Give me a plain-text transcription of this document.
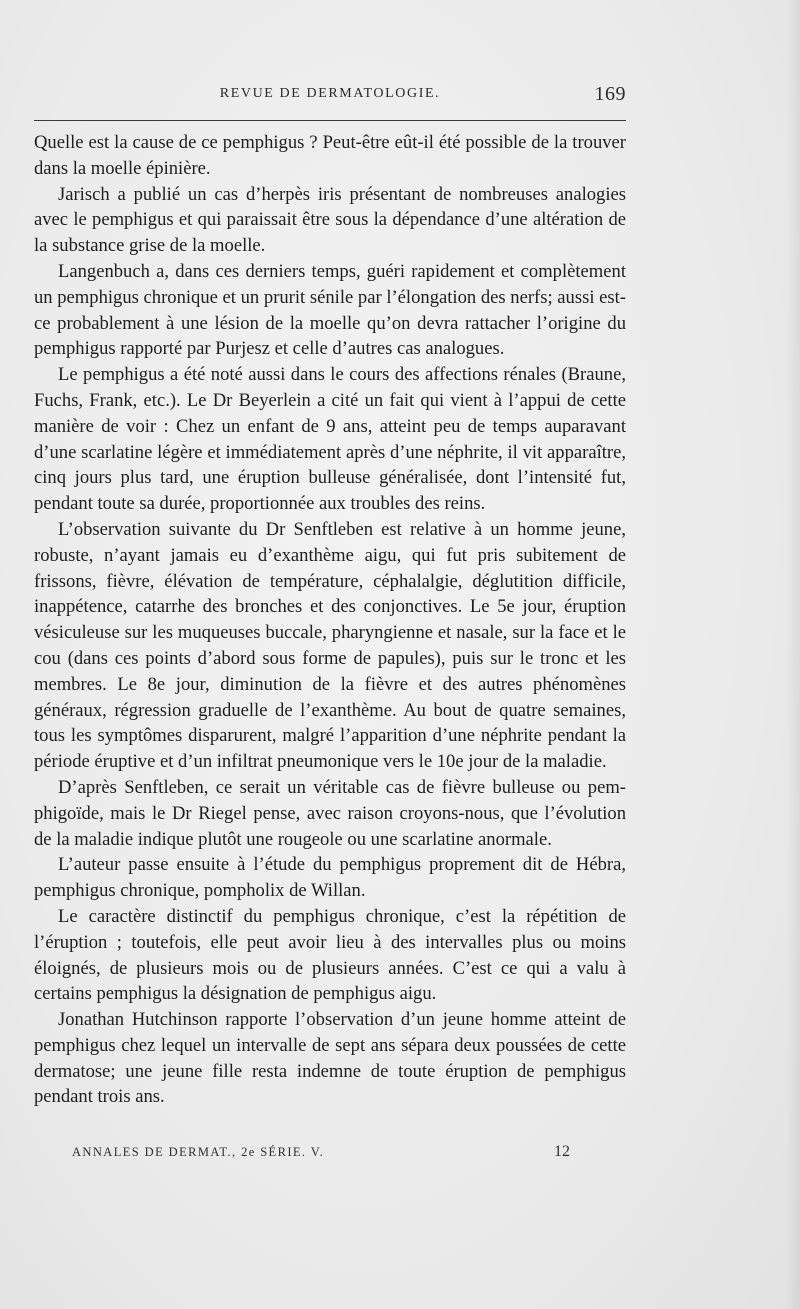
REVUE DE DERMATOLOGIE.	169

Quelle est la cause de ce pemphigus ? Peut-être eût-il été possible de la trouver dans la moelle épinière.

Jarisch a publié un cas d’herpès iris présentant de nombreuses analogies avec le pemphigus et qui paraissait être sous la dépendance d’une altération de la substance grise de la moelle.

Langenbuch a, dans ces derniers temps, guéri rapidement et complètement un pemphigus chronique et un prurit sénile par l’élongation des nerfs; aussi est-ce probablement à une lésion de la moelle qu’on devra rattacher l’origine du pemphigus rapporté par Purjesz et celle d’autres cas analogues.

Le pemphigus a été noté aussi dans le cours des affections rénales (Braune, Fuchs, Frank, etc.). Le Dr Beyerlein a cité un fait qui vient à l’appui de cette manière de voir : Chez un enfant de 9 ans, atteint peu de temps auparavant d’une scarlatine légère et immédiatement après d’une néphrite, il vit apparaître, cinq jours plus tard, une éruption bulleuse généralisée, dont l’intensité fut, pendant toute sa durée, proportionnée aux troubles des reins.

L’observation suivante du Dr Senftleben est relative à un homme jeune, robuste, n’ayant jamais eu d’exanthème aigu, qui fut pris subitement de frissons, fièvre, élévation de température, céphalalgie, déglutition difficile, inappétence, catarrhe des bronches et des conjonctives. Le 5e jour, éruption vésiculeuse sur les muqueuses buccale, pharyngienne et nasale, sur la face et le cou (dans ces points d’abord sous forme de papules), puis sur le tronc et les membres. Le 8e jour, diminution de la fièvre et des autres phénomènes généraux, régression graduelle de l’exanthème. Au bout de quatre semaines, tous les symptômes disparurent, malgré l’apparition d’une néphrite pendant la période éruptive et d’un infiltrat pneumonique vers le 10e jour de la maladie.

D’après Senftleben, ce serait un véritable cas de fièvre bulleuse ou pemphigoïde, mais le Dr Riegel pense, avec raison croyons-nous, que l’évolution de la maladie indique plutôt une rougeole ou une scarlatine anormale.

L’auteur passe ensuite à l’étude du pemphigus proprement dit de Hébra, pemphigus chronique, pompholix de Willan.

Le caractère distinctif du pemphigus chronique, c’est la répétition de l’éruption ; toutefois, elle peut avoir lieu à des intervalles plus ou moins éloignés, de plusieurs mois ou de plusieurs années. C’est ce qui a valu à certains pemphigus la désignation de pemphigus aigu.

Jonathan Hutchinson rapporte l’observation d’un jeune homme atteint de pemphigus chez lequel un intervalle de sept ans sépara deux poussées de cette dermatose; une jeune fille resta indemne de toute éruption de pemphigus pendant trois ans.

ANNALES DE DERMAT., 2e SÉRIE. V.	12
